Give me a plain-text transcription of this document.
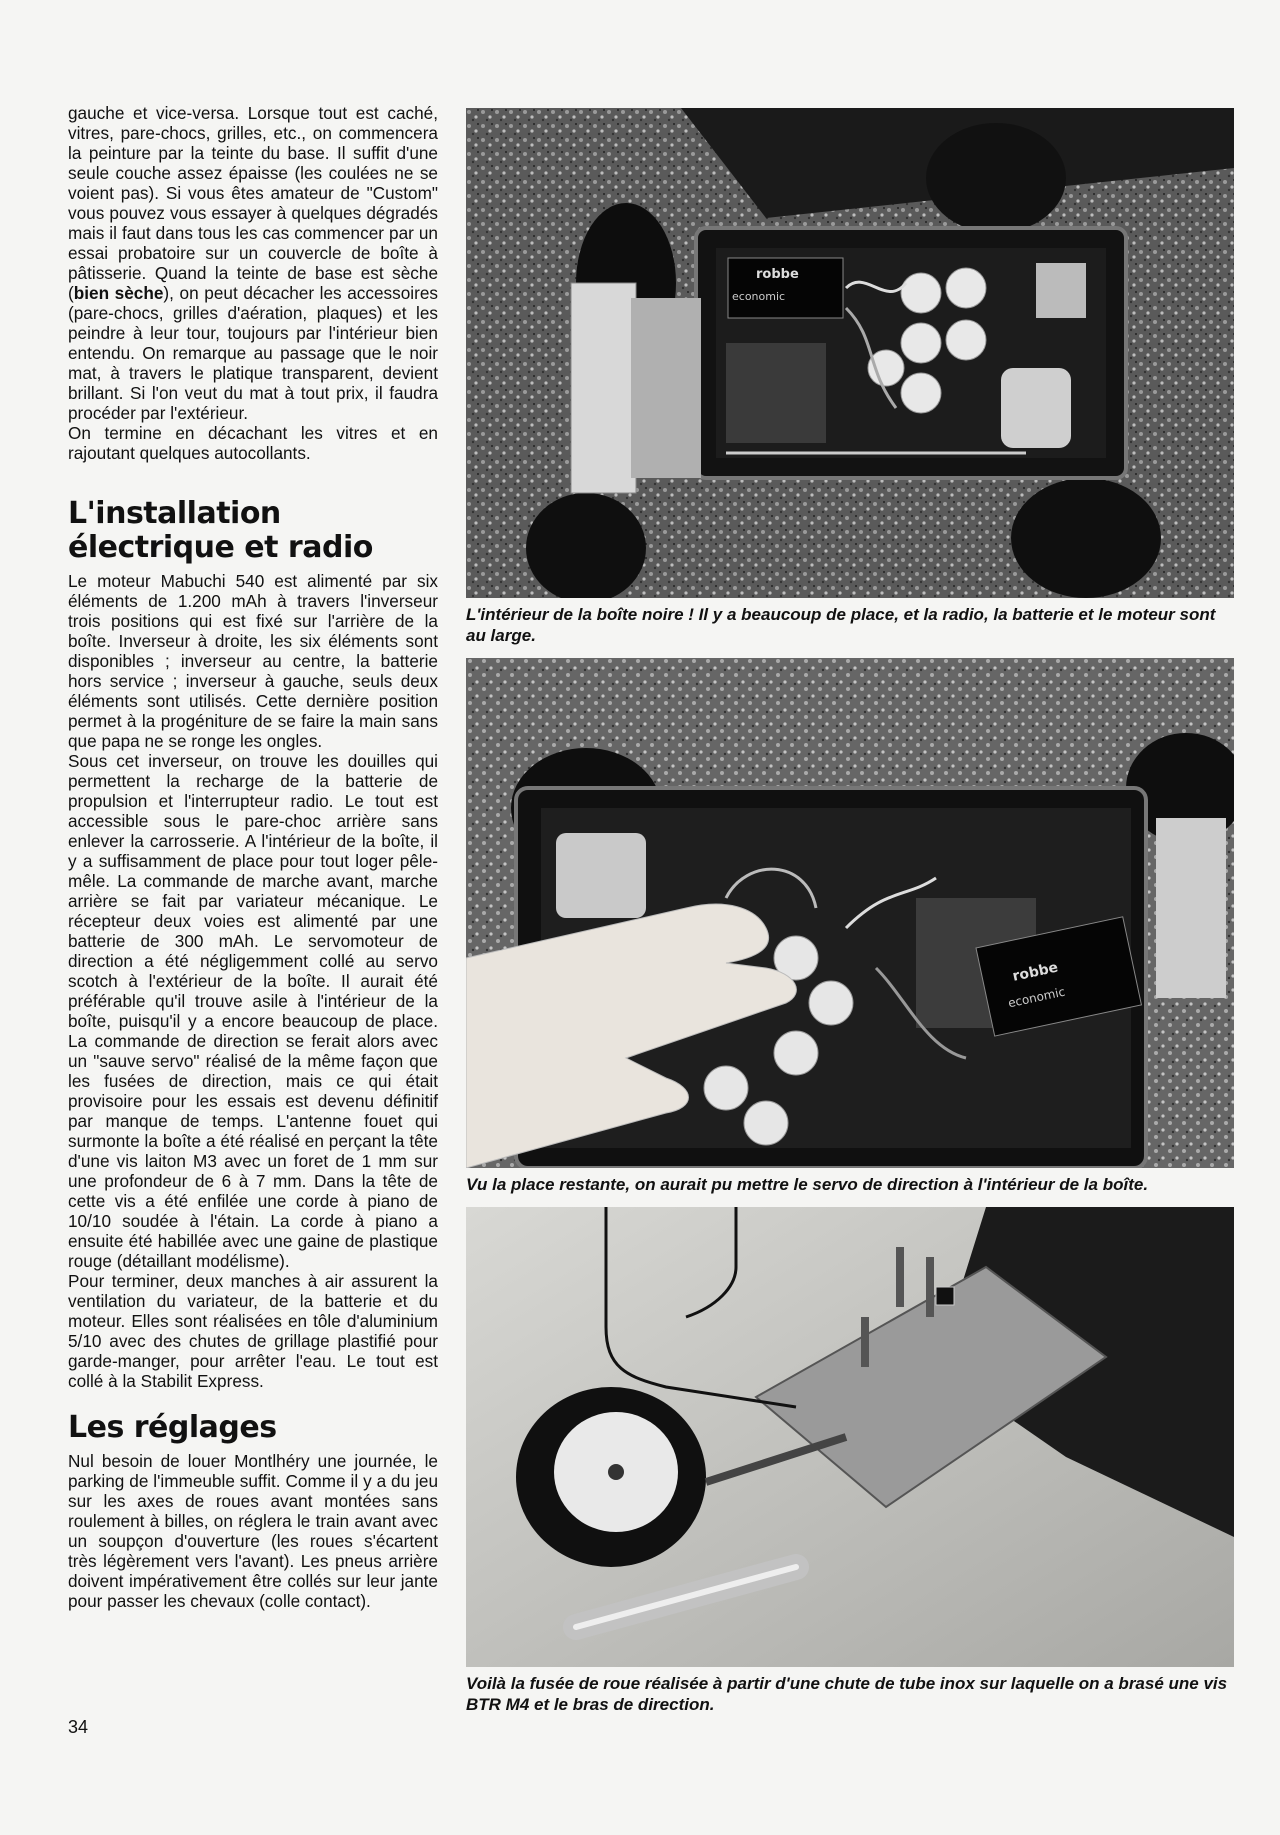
gauche et vice-versa. Lorsque tout est caché, vitres, pare-chocs, grilles, etc., on commencera la peinture par la teinte du base. Il suffit d'une seule couche assez épaisse (les coulées ne se voient pas). Si vous êtes amateur de "Custom" vous pouvez vous essayer à quelques dégradés mais il faut dans tous les cas commencer par un essai probatoire sur un couvercle de boîte à pâtisserie. Quand la teinte de base est sèche (bien sèche), on peut décacher les accessoires (pare-chocs, grilles d'aération, plaques) et les peindre à leur tour, toujours par l'intérieur bien entendu. On remarque au passage que le noir mat, à travers le platique transparent, devient brillant. Si l'on veut du mat à tout prix, il faudra procéder par l'extérieur.

On termine en décachant les vitres et en rajoutant quelques autocollants.

L'installation électrique et radio

Le moteur Mabuchi 540 est alimenté par six éléments de 1.200 mAh à travers l'inverseur trois positions qui est fixé sur l'arrière de la boîte. Inverseur à droite, les six éléments sont disponibles ; inverseur au centre, la batterie hors service ; inverseur à gauche, seuls deux éléments sont utilisés. Cette dernière position permet à la progéniture de se faire la main sans que papa ne se ronge les ongles.

Sous cet inverseur, on trouve les douilles qui permettent la recharge de la batterie de propulsion et l'interrupteur radio. Le tout est accessible sous le pare-choc arrière sans enlever la carrosserie. A l'intérieur de la boîte, il y a suffisamment de place pour tout loger pêle-mêle. La commande de marche avant, marche arrière se fait par variateur mécanique. Le récepteur deux voies est alimenté par une batterie de 300 mAh. Le servomoteur de direction a été négligemment collé au servo scotch à l'extérieur de la boîte. Il aurait été préférable qu'il trouve asile à l'intérieur de la boîte, puisqu'il y a encore beaucoup de place. La commande de direction se ferait alors avec un "sauve servo" réalisé de la même façon que les fusées de direction, mais ce qui était provisoire pour les essais est devenu définitif par manque de temps. L'antenne fouet qui surmonte la boîte a été réalisé en perçant la tête d'une vis laiton M3 avec un foret de 1 mm sur une profondeur de 6 à 7 mm. Dans la tête de cette vis a été enfilée une corde à piano de 10/10 soudée à l'étain. La corde à piano a ensuite été habillée avec une gaine de plastique rouge (détaillant modélisme).

Pour terminer, deux manches à air assurent la ventilation du variateur, de la batterie et du moteur. Elles sont réalisées en tôle d'aluminium 5/10 avec des chutes de grillage plastifié pour garde-manger, pour arrêter l'eau. Le tout est collé à la Stabilit Express.

Les réglages

Nul besoin de louer Montlhéry une journée, le parking de l'immeuble suffit. Comme il y a du jeu sur les axes de roues avant montées sans roulement à billes, on réglera le train avant avec un soupçon d'ouverture (les roues s'écartent très légèrement vers l'avant). Les pneus arrière doivent impérativement être collés sur leur jante pour passer les chevaux (colle contact).

robbe
economic

L'intérieur de la boîte noire ! Il y a beaucoup de place, et la radio, la batterie et le moteur sont au large.

robbe
economic

Vu la place restante, on aurait pu mettre le servo de direction à l'intérieur de la boîte.

Voilà la fusée de roue réalisée à partir d'une chute de tube inox sur laquelle on a brasé une vis BTR M4 et le bras de direction.

34
